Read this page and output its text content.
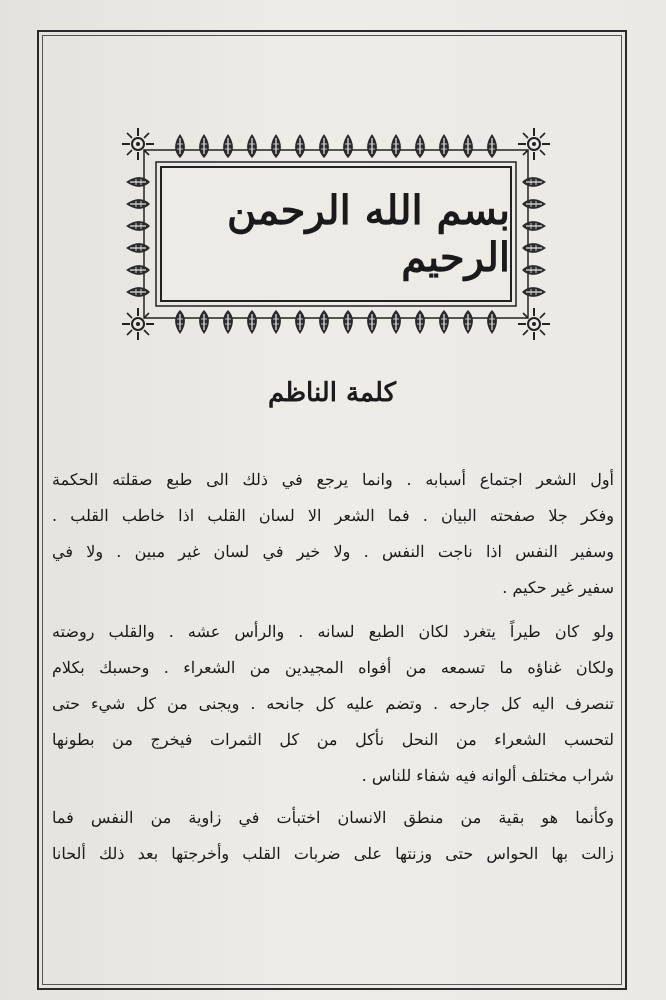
بسم الله الرحمن الرحيم
كلمة الناظم
أول الشعر اجتماع أسبابه . وانما يرجع في ذلك الى طبع صقلته الحكمة
وفكر جلا صفحته البيان . فما الشعر الا لسان القلب اذا خاطب القلب .
وسفير النفس اذا ناجت النفس . ولا خير في لسان غير مبين . ولا في
سفير غير حكيم .
ولو كان طيراً يتغرد لكان الطبع لسانه . والرأس عشه . والقلب روضته
ولكان غناؤه ما تسمعه من أفواه المجيدين من الشعراء . وحسبك بكلام
تنصرف اليه كل جارحه . وتضم عليه كل جانحه . ويجنى من كل شيء حتى
لتحسب الشعراء من النحل نأكل من كل الثمرات فيخرج من بطونها
شراب مختلف ألوانه فيه شفاء للناس .
وكأنما هو بقية من منطق الانسان اختبأت في زاوية من النفس فما
زالت بها الحواس حتى وزنتها على ضربات القلب وأخرجتها بعد ذلك ألحانا
